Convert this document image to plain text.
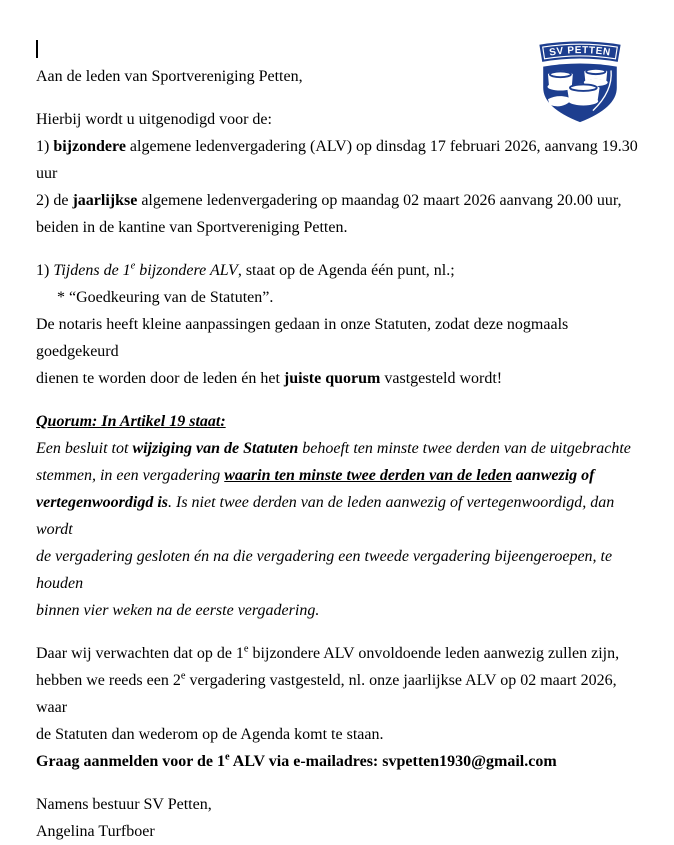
Aan de leden van Sportvereniging Petten,

Hierbij wordt u uitgenodigd voor de:

1) bijzondere algemene ledenvergadering (ALV) op dinsdag 17 februari 2026, aanvang 19.30 uur

2) de jaarlijkse algemene ledenvergadering op maandag 02 maart 2026 aanvang 20.00 uur,

beiden in de kantine van Sportvereniging Petten.

1) Tijdens de 1e bijzondere ALV, staat op de Agenda één punt, nl.;

* “Goedkeuring van de Statuten”.

De notaris heeft kleine aanpassingen gedaan in onze Statuten, zodat deze nogmaals goedgekeurd
dienen te worden door de leden én het juiste quorum vastgesteld wordt!

Quorum: In Artikel 19 staat:

Een besluit tot wijziging van de Statuten behoeft ten minste twee derden van de uitgebrachte
stemmen, in een vergadering waarin ten minste twee derden van de leden aanwezig of
vertegenwoordigd is. Is niet twee derden van de leden aanwezig of vertegenwoordigd, dan wordt
de vergadering gesloten én na die vergadering een tweede vergadering bijeengeroepen, te houden
binnen vier weken na de eerste vergadering.

Daar wij verwachten dat op de 1e bijzondere ALV onvoldoende leden aanwezig zullen zijn,
hebben we reeds een 2e vergadering vastgesteld, nl. onze jaarlijkse ALV op 02 maart 2026, waar
de Statuten dan wederom op de Agenda komt te staan.

Graag aanmelden voor de 1e ALV via e-mailadres: svpetten1930@gmail.com

Namens bestuur SV Petten,

Angelina Turfboer

SV PETTEN
